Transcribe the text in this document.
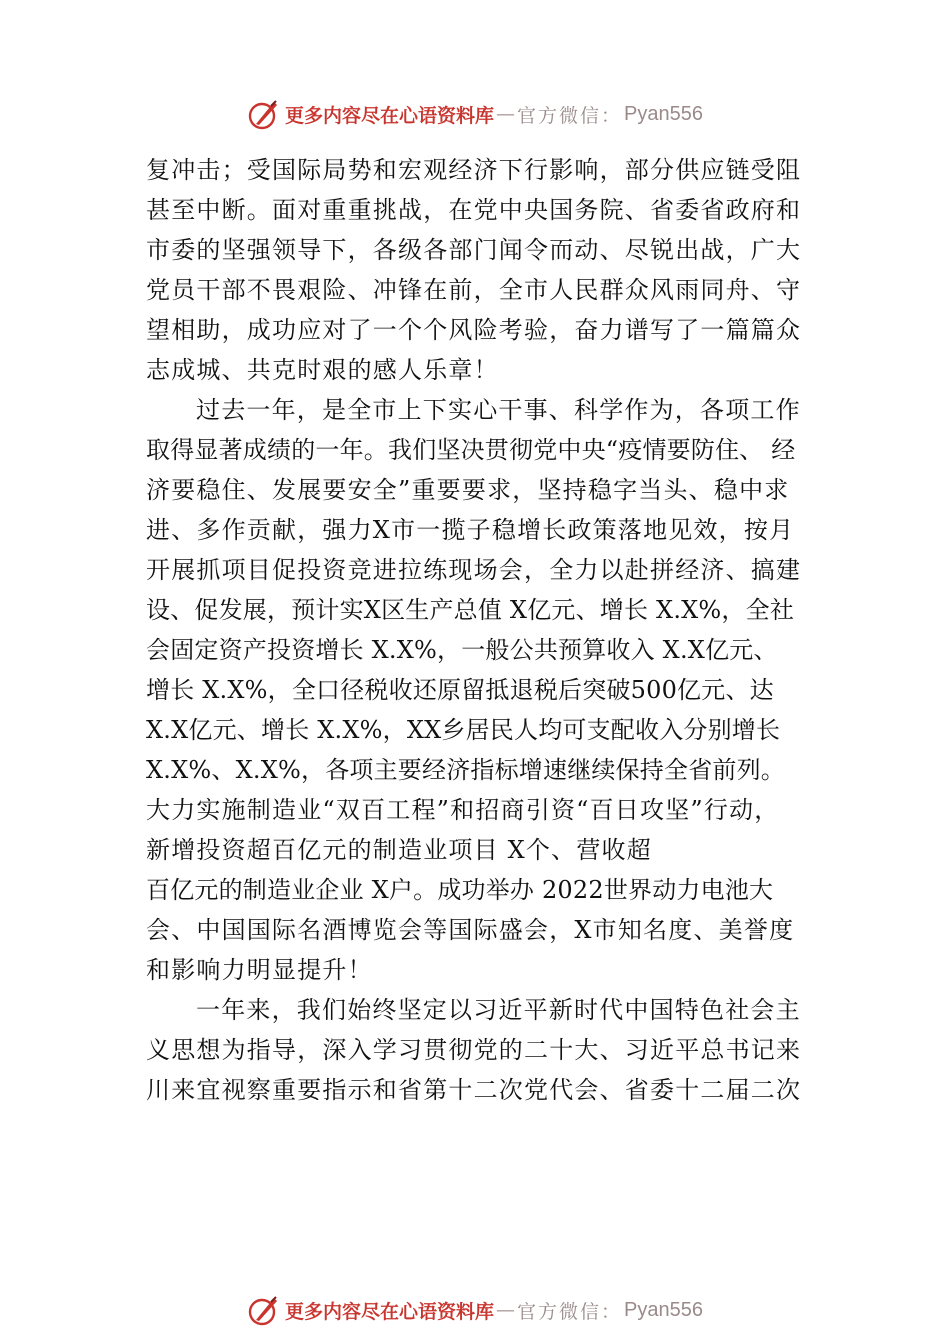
更多内容尽在心语资料库 — 官方微信： Pyan556
复冲击；受国际局势和宏观经济下行影响，部分供应链受阻
甚至中断。面对重重挑战，在党中央国务院、省委省政府和
市委的坚强领导下，各级各部门闻令而动、尽锐出战，广大
党员干部不畏艰险、冲锋在前，全市人民群众风雨同舟、守
望相助，成功应对了一个个风险考验，奋力谱写了一篇篇众
志成城、共克时艰的感人乐章！
过去一年，是全市上下实心干事、科学作为，各项工作
取得显著成绩的一年。我们坚决贯彻党中央“疫情要防住、 经
济要稳住、发展要安全”重要要求，坚持稳字当头、稳中求
进、多作贡献，强力X市一揽子稳增长政策落地见效，按月
开展抓项目促投资竞进拉练现场会，全力以赴拼经济、搞建
设、促发展，预计实X区生产总值 X亿元、增长 X.X%，全社
会固定资产投资增长 X.X%，一般公共预算收入 X.X亿元、
增长 X.X%，全口径税收还原留抵退税后突破500亿元、达
X.X亿元、增长 X.X%，XX乡居民人均可支配收入分别增长
X.X%、X.X%，各项主要经济指标增速继续保持全省前列。
大力实施制造业“双百工程”和招商引资“百日攻坚”行动，
新增投资超百亿元的制造业项目 X个、营收超
百亿元的制造业企业 X户。成功举办 2022世界动力电池大
会、中国国际名酒博览会等国际盛会，X市知名度、美誉度
和影响力明显提升！
一年来，我们始终坚定以习近平新时代中国特色社会主
义思想为指导，深入学习贯彻党的二十大、习近平总书记来
川来宜视察重要指示和省第十二次党代会、省委十二届二次
更多内容尽在心语资料库 — 官方微信： Pyan556
